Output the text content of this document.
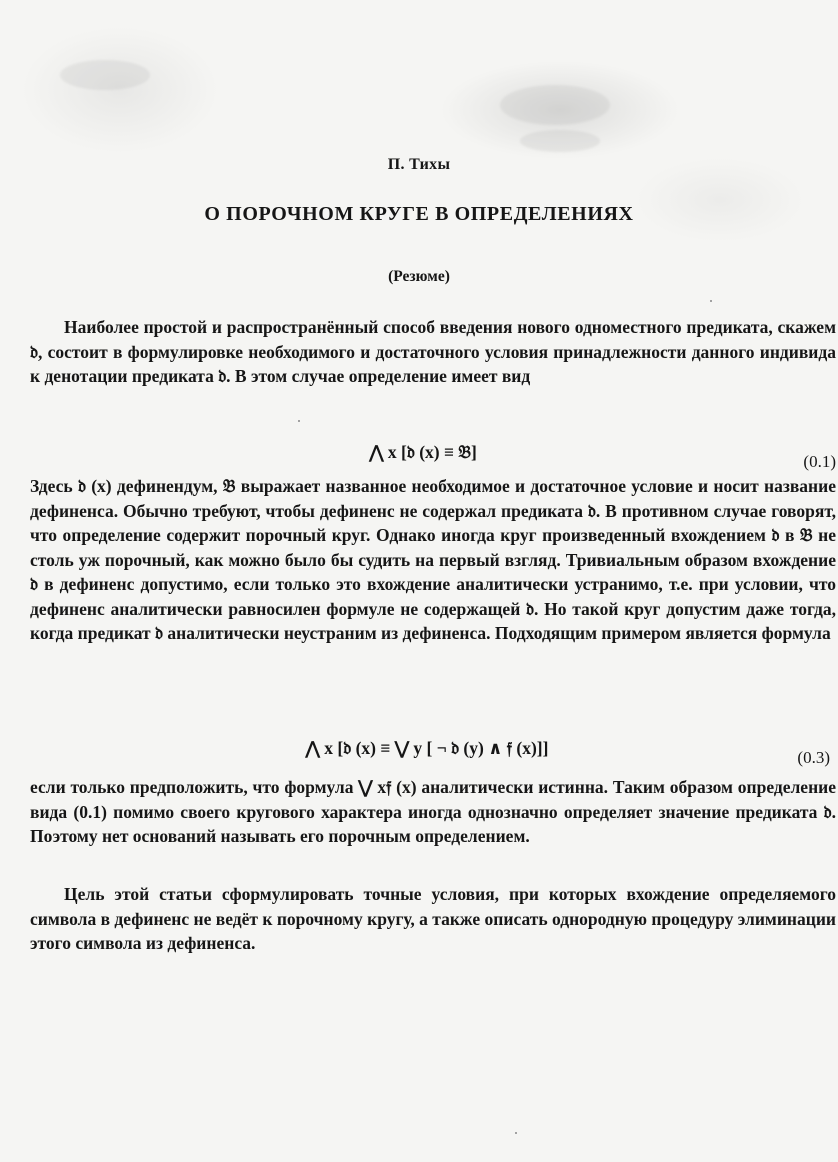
П. Тихы
О ПОРОЧНОМ КРУГЕ В ОПРЕДЕЛЕНИЯХ
(Резюме)
Наиболее простой и распространённый способ введения нового одноместного предиката, скажем 𝔡, состоит в формулировке необходимого и достаточного условия принадлежности данного индивида к денотации предиката 𝔡. В этом случае определение имеет вид
⋀ x [𝔡 (x) ≡ 𝔅]	(0.1)
Здесь 𝔡 (x) дефинендум, 𝔅 выражает названное необходимое и достаточное условие и носит название дефиненса. Обычно требуют, чтобы дефиненс не содержал предиката 𝔡. В противном случае говорят, что определение содержит порочный круг. Однако иногда круг произведенный вхождением 𝔡 в 𝔅 не столь уж порочный, как можно было бы судить на первый взгляд. Тривиальным образом вхождение 𝔡 в дефиненс допустимо, если только это вхождение аналитически устранимо, т.е. при условии, что дефиненс аналитически равносилен формуле не содержащей 𝔡. Но такой круг допустим даже тогда, когда предикат 𝔡 аналитически неустраним из дефиненса. Подходящим примером является формула
⋀ x [𝔡 (x) ≡ ⋁ y [ ¬ 𝔡 (y) ∧ 𝔣 (x)]]	(0.3)
если только предположить, что формула ⋁ x𝔣 (x) аналитически истинна. Таким образом определение вида (0.1) помимо своего кругового характера иногда однозначно определяет значение предиката 𝔡. Поэтому нет оснований называть его порочным определением.
Цель этой статьи сформулировать точные условия, при которых вхождение определяемого символа в дефиненс не ведёт к порочному кругу, а также описать однородную процедуру элиминации этого символа из дефиненса.
